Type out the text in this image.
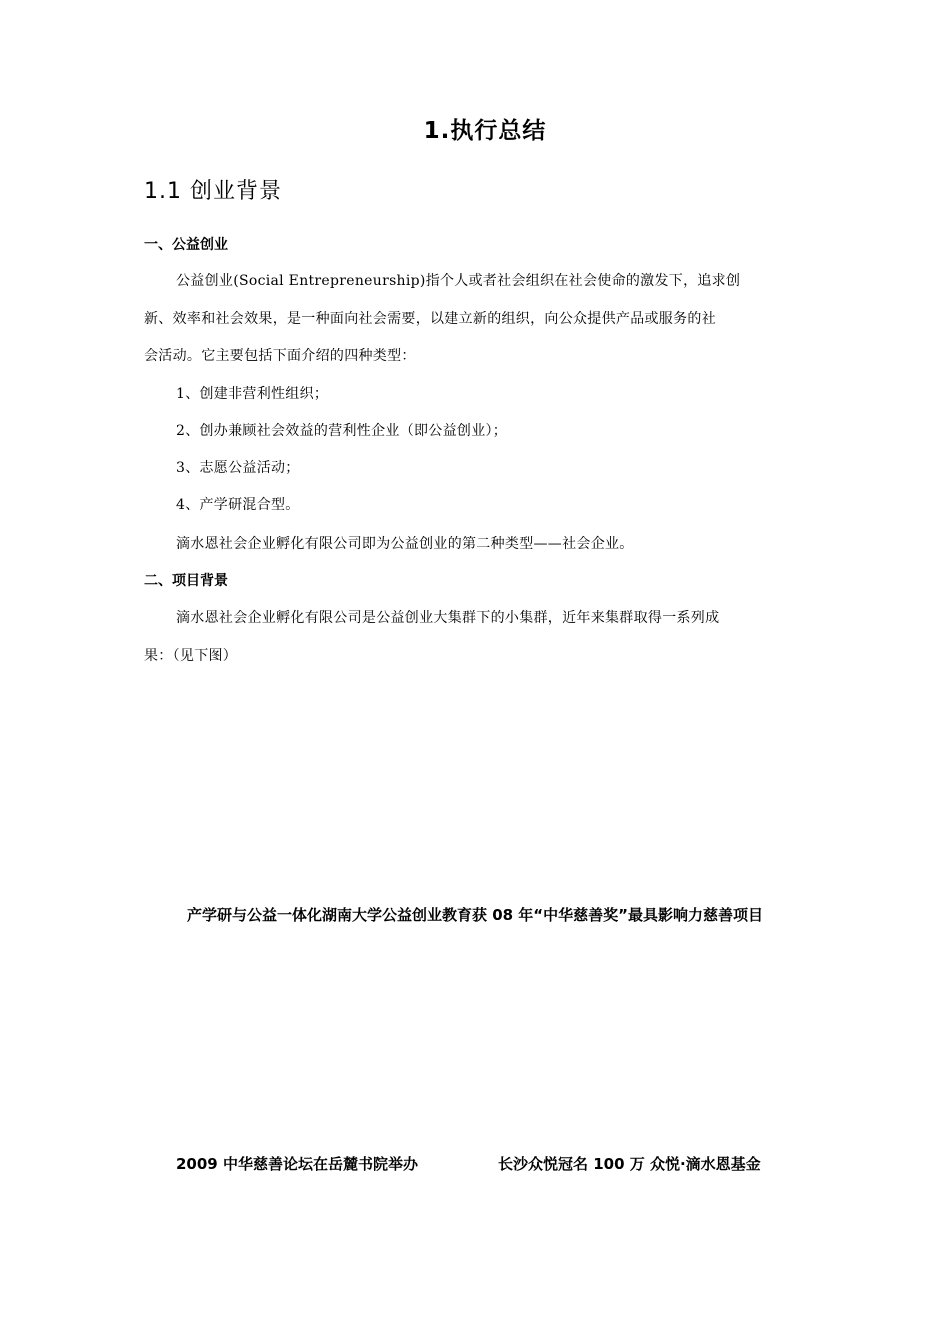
1.执行总结
1.1 创业背景
一、公益创业
公益创业(Social Entrepreneurship)指个人或者社会组织在社会使命的激发下，追求创
新、效率和社会效果，是一种面向社会需要，以建立新的组织，向公众提供产品或服务的社
会活动。它主要包括下面介绍的四种类型：
1、创建非营利性组织；
2、创办兼顾社会效益的营利性企业（即公益创业）；
3、志愿公益活动；
4、产学研混合型。
滴水恩社会企业孵化有限公司即为公益创业的第二种类型——社会企业。
二、项目背景
滴水恩社会企业孵化有限公司是公益创业大集群下的小集群，近年来集群取得一系列成
果：（见下图）
产学研与公益一体化湖南大学公益创业教育获 08 年“中华慈善奖”最具影响力慈善项目
2009 中华慈善论坛在岳麓书院举办	长沙众悦冠名 100 万 众悦·滴水恩基金
